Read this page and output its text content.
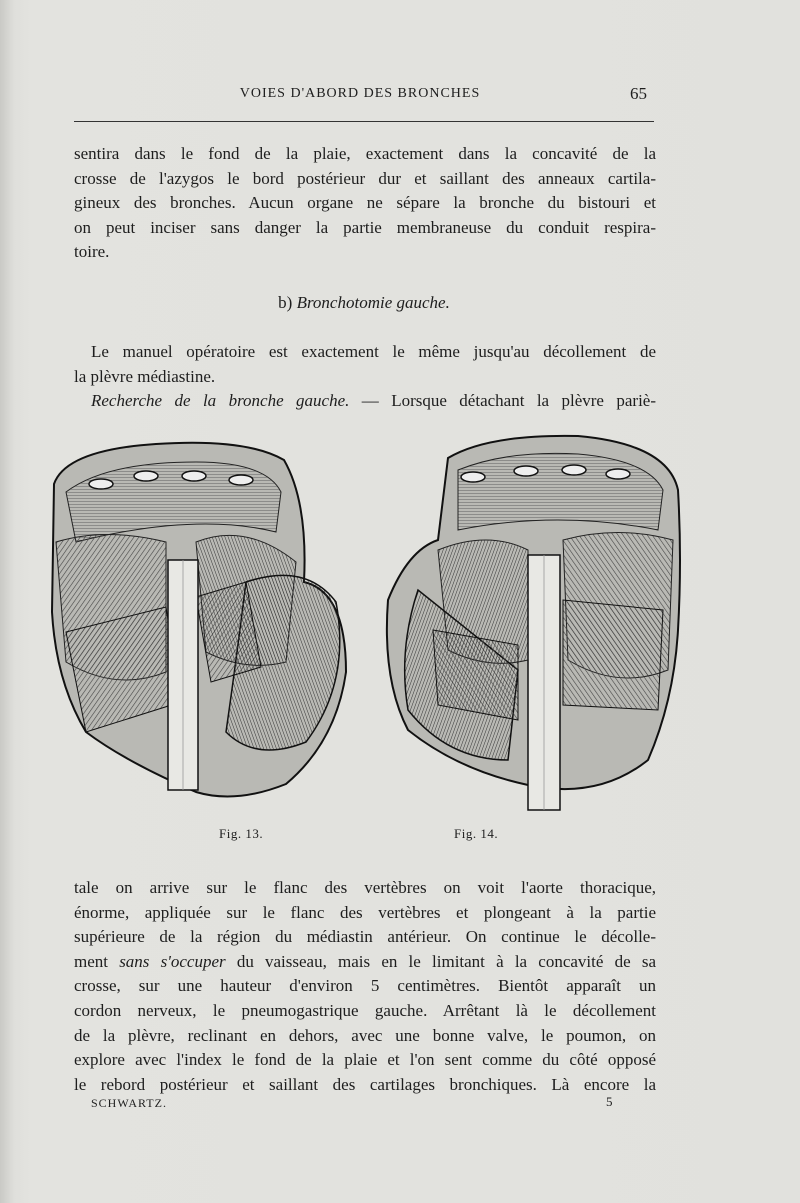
VOIES D'ABORD DES BRONCHES	65
sentira dans le fond de la plaie, exactement dans la concavité de la
crosse de l'azygos le bord postérieur dur et saillant des anneaux cartila-
gineux des bronches. Aucun organe ne sépare la bronche du bistouri et
on peut inciser sans danger la partie membraneuse du conduit respira-
toire.
b) Bronchotomie gauche.
Le manuel opératoire est exactement le même jusqu'au décollement de
la plèvre médiastine.
Recherche de la bronche gauche. — Lorsque détachant la plèvre pariè-
Fig. 13.	Fig. 14.
tale on arrive sur le flanc des vertèbres on voit l'aorte thoracique,
énorme, appliquée sur le flanc des vertèbres et plongeant à la partie
supérieure de la région du médiastin antérieur. On continue le décolle-
ment sans s'occuper du vaisseau, mais en le limitant à la concavité de sa
crosse, sur une hauteur d'environ 5 centimètres. Bientôt apparaît un
cordon nerveux, le pneumogastrique gauche. Arrêtant là le décollement
de la plèvre, reclinant en dehors, avec une bonne valve, le poumon, on
explore avec l'index le fond de la plaie et l'on sent comme du côté opposé
le rebord postérieur et saillant des cartilages bronchiques. Là encore la
SCHWARTZ.	5
